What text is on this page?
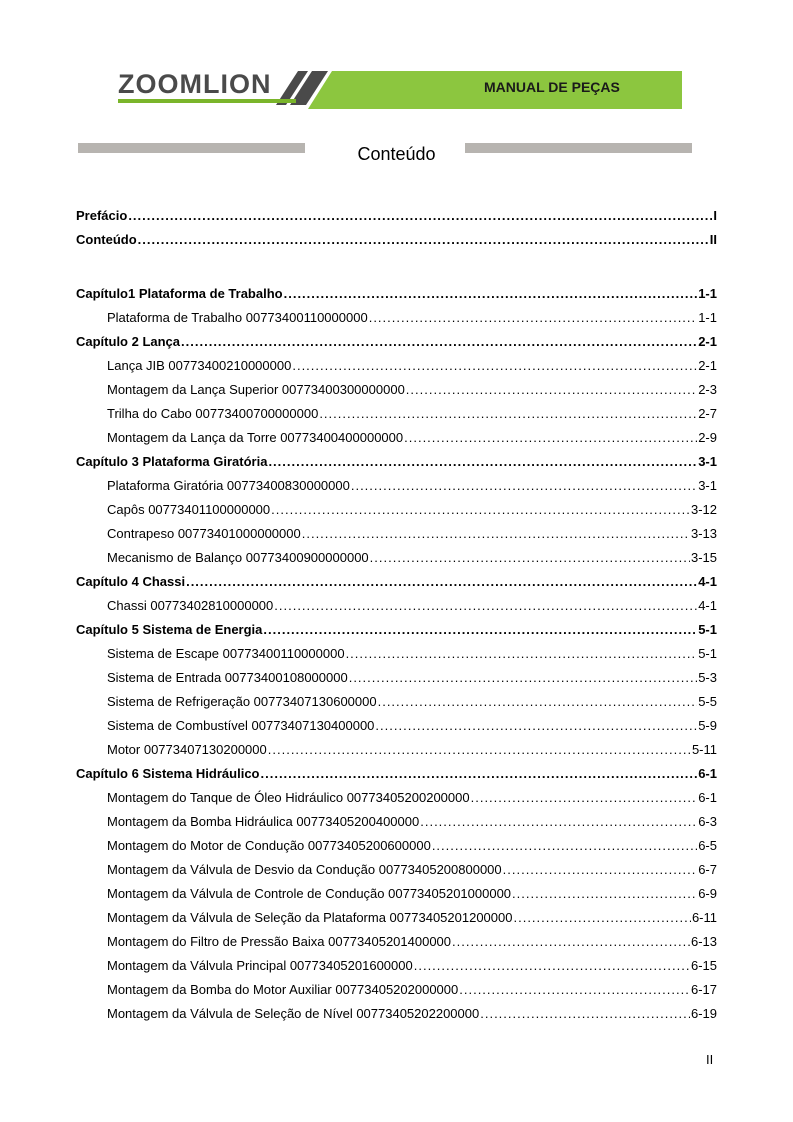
ZOOMLION	MANUAL DE PEÇAS
Conteúdo
Prefácio .....	I
Conteúdo .....	II
Capítulo1 Plataforma de Trabalho .....	1-1
Plataforma de Trabalho 00773400110000000 .....	1-1
Capítulo 2 Lança .....	2-1
Lança JIB 00773400210000000 .....	2-1
Montagem da Lança Superior 00773400300000000 .....	2-3
Trilha do Cabo 00773400700000000 .....	2-7
Montagem da Lança da Torre 00773400400000000 .....	2-9
Capítulo 3 Plataforma Giratória .....	3-1
Plataforma Giratória 00773400830000000 .....	3-1
Capôs 00773401100000000 .....	3-12
Contrapeso 00773401000000000 .....	3-13
Mecanismo de Balanço 00773400900000000 .....	3-15
Capítulo 4 Chassi .....	4-1
Chassi 00773402810000000 .....	4-1
Capítulo 5 Sistema de Energia .....	5-1
Sistema de Escape 00773400110000000 .....	5-1
Sistema de Entrada 00773400108000000 .....	5-3
Sistema de Refrigeração 00773407130600000 .....	5-5
Sistema de Combustível 00773407130400000 .....	5-9
Motor 00773407130200000 .....	5-11
Capítulo 6 Sistema Hidráulico .....	6-1
Montagem do Tanque de Óleo Hidráulico 00773405200200000 .....	6-1
Montagem da Bomba Hidráulica 00773405200400000 .....	6-3
Montagem do Motor de Condução 00773405200600000 .....	6-5
Montagem da Válvula de Desvio da Condução 00773405200800000 .....	6-7
Montagem da Válvula de Controle de Condução 00773405201000000 .....	6-9
Montagem da Válvula de Seleção da Plataforma 00773405201200000 .....	6-11
Montagem do Filtro de Pressão Baixa 00773405201400000 .....	6-13
Montagem da Válvula Principal 00773405201600000 .....	6-15
Montagem da Bomba do Motor Auxiliar 00773405202000000 .....	6-17
Montagem da Válvula de Seleção de Nível 00773405202200000 .....	6-19
II
